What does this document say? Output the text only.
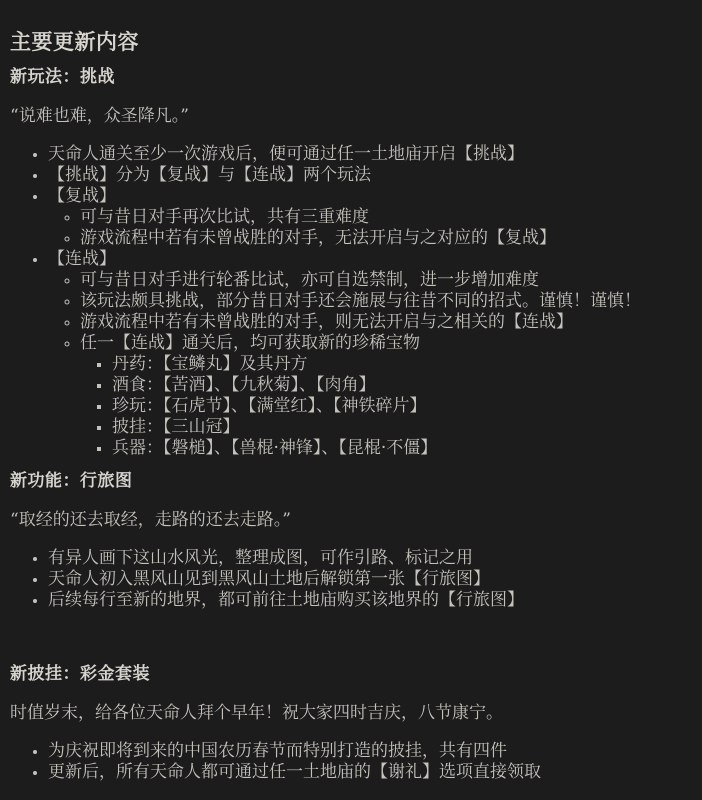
主要更新内容
新玩法：挑战

“说难也难，众圣降凡。”

• 天命人通关至少一次游戏后，便可通过任一土地庙开启【挑战】
• 【挑战】分为【复战】与【连战】两个玩法
• 【复战】
◦ 可与昔日对手再次比试，共有三重难度
◦ 游戏流程中若有未曾战胜的对手，无法开启与之对应的【复战】
• 【连战】
◦ 可与昔日对手进行轮番比试，亦可自选禁制，进一步增加难度
◦ 该玩法颇具挑战，部分昔日对手还会施展与往昔不同的招式。谨慎！谨慎！
◦ 游戏流程中若有未曾战胜的对手，则无法开启与之相关的【连战】
◦ 任一【连战】通关后，均可获取新的珍稀宝物
▪ 丹药：【宝鳞丸】及其丹方
▪ 酒食：【苦酒】、【九秋菊】、【肉角】
▪ 珍玩：【石虎节】、【满堂红】、【神铁碎片】
▪ 披挂：【三山冠】
▪ 兵器：【磐槌】、【兽棍·神锋】、【昆棍·不僵】
新功能：行旅图

“取经的还去取经，走路的还去走路。”

• 有异人画下这山水风光，整理成图，可作引路、标记之用
• 天命人初入黑风山见到黑风山土地后解锁第一张【行旅图】
• 后续每行至新的地界，都可前往土地庙购买该地界的【行旅图】
新披挂：彩金套装

时值岁末，给各位天命人拜个早年！祝大家四时吉庆，八节康宁。

• 为庆祝即将到来的中国农历春节而特别打造的披挂，共有四件
• 更新后，所有天命人都可通过任一土地庙的【谢礼】选项直接领取
